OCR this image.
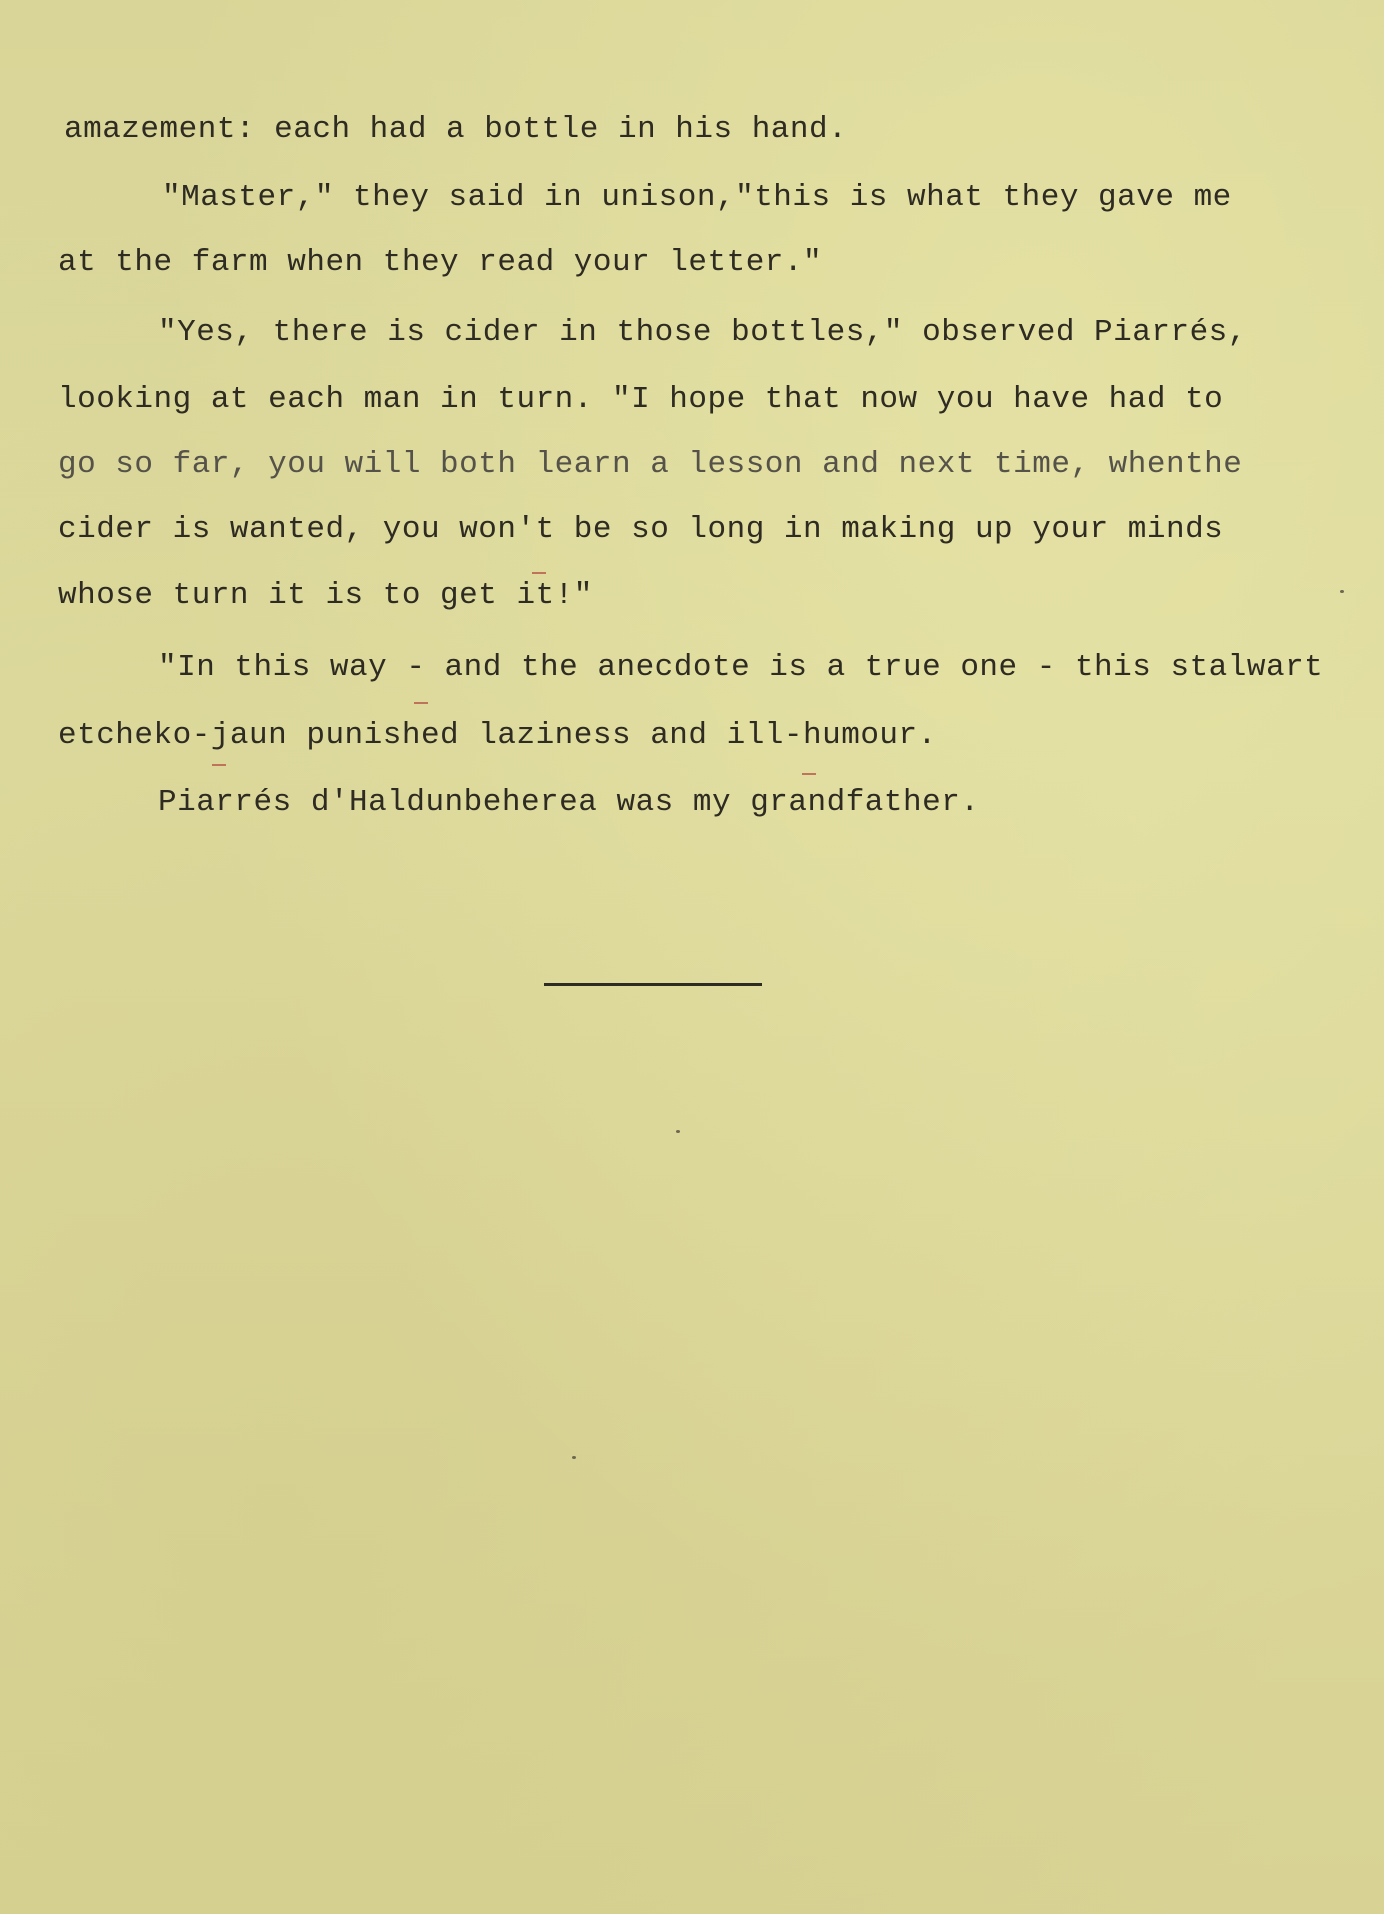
amazement: each had a bottle in his hand.
"Master," they said in unison,"this is what they gave me
at the farm when they read your letter."
"Yes, there is cider in those bottles," observed Piarrés,
looking at each man in turn. "I hope that now you have had to
go so far, you will both learn a lesson and next time, whenthe
cider is wanted, you won't be so long in making up your minds
whose turn it is to get it!"
"In this way - and the anecdote is a true one - this stalwart
etcheko-jaun punished laziness and ill-humour.
Piarrés d'Haldunbeherea was my grandfather.
